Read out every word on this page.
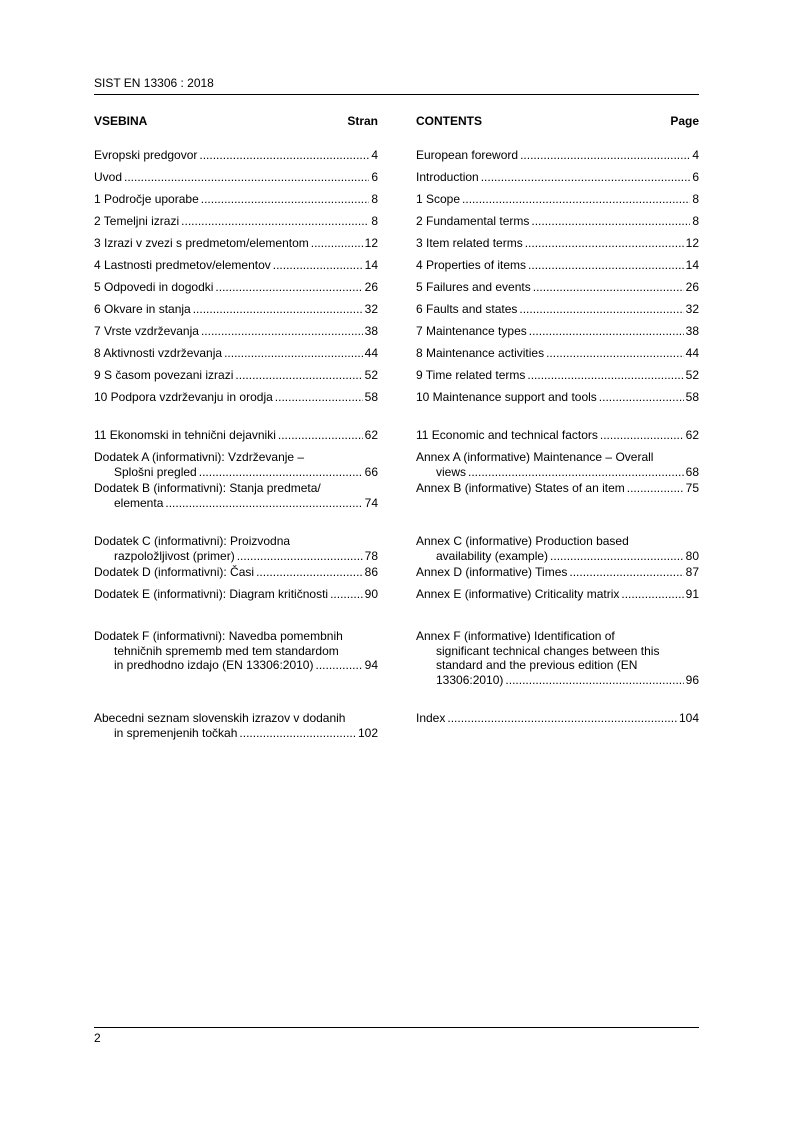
SIST EN 13306 : 2018
VSEBINA	Stran
Evropski predgovor .....	4
Uvod .....	6
1 Področje uporabe .....	8
2 Temeljni izrazi .....	8
3 Izrazi v zvezi s predmetom/elementom .....	12
4 Lastnosti predmetov/elementov .....	14
5 Odpovedi in dogodki .....	26
6 Okvare in stanja .....	32
7 Vrste vzdrževanja .....	38
8 Aktivnosti vzdrževanja .....	44
9 S časom povezani izrazi .....	52
10 Podpora vzdrževanju in orodja .....	58
11 Ekonomski in tehnični dejavniki .....	62
Dodatek A (informativni): Vzdrževanje –
Splošni pregled .....	66
Dodatek B (informativni): Stanja predmeta/
elementa .....	74
Dodatek C (informativni): Proizvodna
razpoložljivost (primer) .....	78
Dodatek D (informativni): Časi .....	86
Dodatek E (informativni): Diagram kritičnosti .....	90
Dodatek F (informativni): Navedba pomembnih
tehničnih sprememb med tem standardom
in predhodno izdajo (EN 13306:2010) .....	94
Abecedni seznam slovenskih izrazov v dodanih
in spremenjenih točkah .....	102
CONTENTS	Page
European foreword .....	4
Introduction .....	6
1 Scope .....	8
2 Fundamental terms .....	8
3 Item related terms .....	12
4 Properties of items .....	14
5 Failures and events .....	26
6 Faults and states .....	32
7 Maintenance types .....	38
8 Maintenance activities .....	44
9 Time related terms .....	52
10 Maintenance support and tools .....	58
11 Economic and technical factors .....	62
Annex A (informative) Maintenance – Overall
views .....	68
Annex B (informative) States of an item .....	75
Annex C (informative) Production based
availability (example) .....	80
Annex D (informative) Times .....	87
Annex E (informative) Criticality matrix .....	91
Annex F (informative) Identification of
significant technical changes between this
standard and the previous edition (EN
13306:2010) .....	96
Index .....	104
2
